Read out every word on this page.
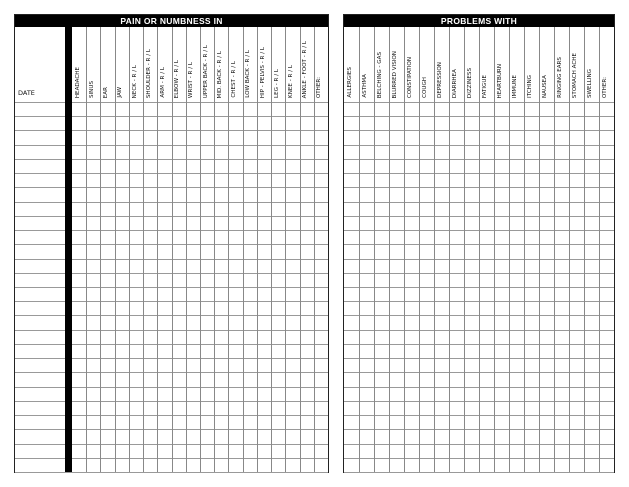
PAIN OR NUMBNESS IN
HEADACHE SINUS EAR JAW NECK - R / L SHOULDER - R / L ARM - R / L ELBOW - R / L WRIST - R / L UPPER BACK - R / L MID. BACK - R / L CHEST - R / L LOW BACK - R / L HIP - PELVIS - R / L LEG - R / L KNEE - R / L ANKLE - FOOT - R / L OTHER:
DATE
PROBLEMS WITH
ALLERGIES ASTHMA BELCHING - GAS BLURRED VISION CONSTIPATION COUGH DEPRESSION DIARRHEA DIZZINESS FATIGUE HEARTBURN IMMUNE ITCHING NAUSEA RINGING EARS STOMACH ACHE SWELLING OTHER:
